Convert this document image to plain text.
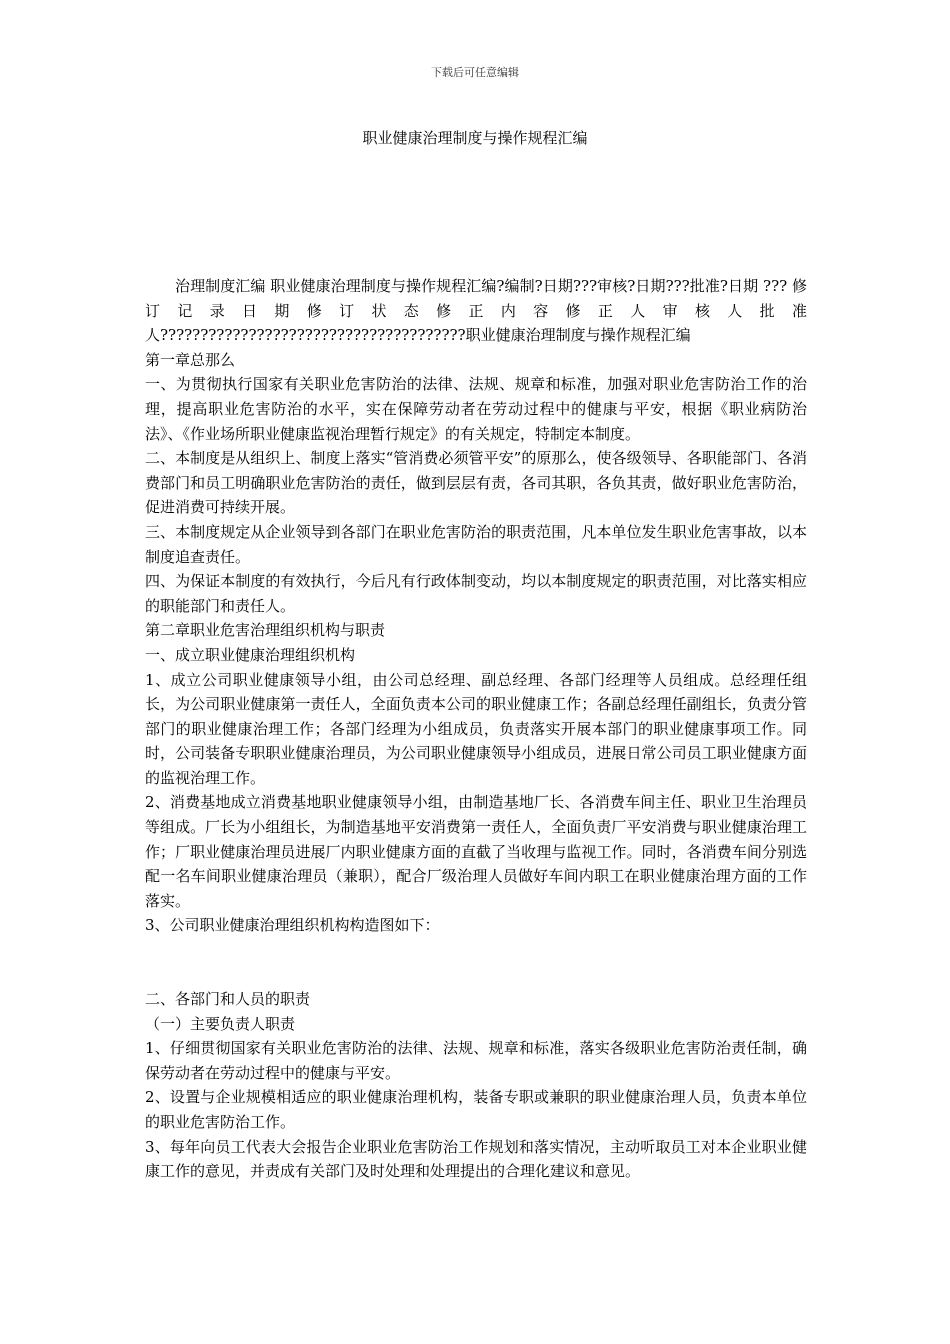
下载后可任意编辑
职业健康治理制度与操作规程汇编

治理制度汇编 职业健康治理制度与操作规程汇编?编制?日期???审核?日期???批准?日期 ??? 修 订 记 录 日 期 修 订 状 态 修 正 内 容 修 正 人 审 核 人 批 准 人??????????????????????????????????????职业健康治理制度与操作规程汇编

第一章总那么

一、为贯彻执行国家有关职业危害防治的法律、法规、规章和标准，加强对职业危害防治工作的治理，提高职业危害防治的水平，实在保障劳动者在劳动过程中的健康与平安，根据《职业病防治法》、《作业场所职业健康监视治理暂行规定》的有关规定，特制定本制度。

二、本制度是从组织上、制度上落实“管消费必须管平安”的原那么，使各级领导、各职能部门、各消费部门和员工明确职业危害防治的责任，做到层层有责，各司其职，各负其责，做好职业危害防治，促进消费可持续开展。

三、本制度规定从企业领导到各部门在职业危害防治的职责范围，凡本单位发生职业危害事故，以本制度追查责任。

四、为保证本制度的有效执行，今后凡有行政体制变动，均以本制度规定的职责范围，对比落实相应的职能部门和责任人。

第二章职业危害治理组织机构与职责

一、成立职业健康治理组织机构

1、成立公司职业健康领导小组，由公司总经理、副总经理、各部门经理等人员组成。总经理任组长，为公司职业健康第一责任人，全面负责本公司的职业健康工作；各副总经理任副组长，负责分管部门的职业健康治理工作；各部门经理为小组成员，负责落实开展本部门的职业健康事项工作。同时，公司装备专职职业健康治理员，为公司职业健康领导小组成员，进展日常公司员工职业健康方面的监视治理工作。

2、消费基地成立消费基地职业健康领导小组，由制造基地厂长、各消费车间主任、职业卫生治理员等组成。厂长为小组组长，为制造基地平安消费第一责任人，全面负责厂平安消费与职业健康治理工作；厂职业健康治理员进展厂内职业健康方面的直截了当收理与监视工作。同时，各消费车间分别选配一名车间职业健康治理员（兼职），配合厂级治理人员做好车间内职工在职业健康治理方面的工作落实。

3、公司职业健康治理组织机构构造图如下：

二、各部门和人员的职责

（一）主要负责人职责

1、仔细贯彻国家有关职业危害防治的法律、法规、规章和标准，落实各级职业危害防治责任制，确保劳动者在劳动过程中的健康与平安。

2、设置与企业规模相适应的职业健康治理机构，装备专职或兼职的职业健康治理人员，负责本单位的职业危害防治工作。

3、每年向员工代表大会报告企业职业危害防治工作规划和落实情况，主动听取员工对本企业职业健康工作的意见，并责成有关部门及时处理和处理提出的合理化建议和意见。
